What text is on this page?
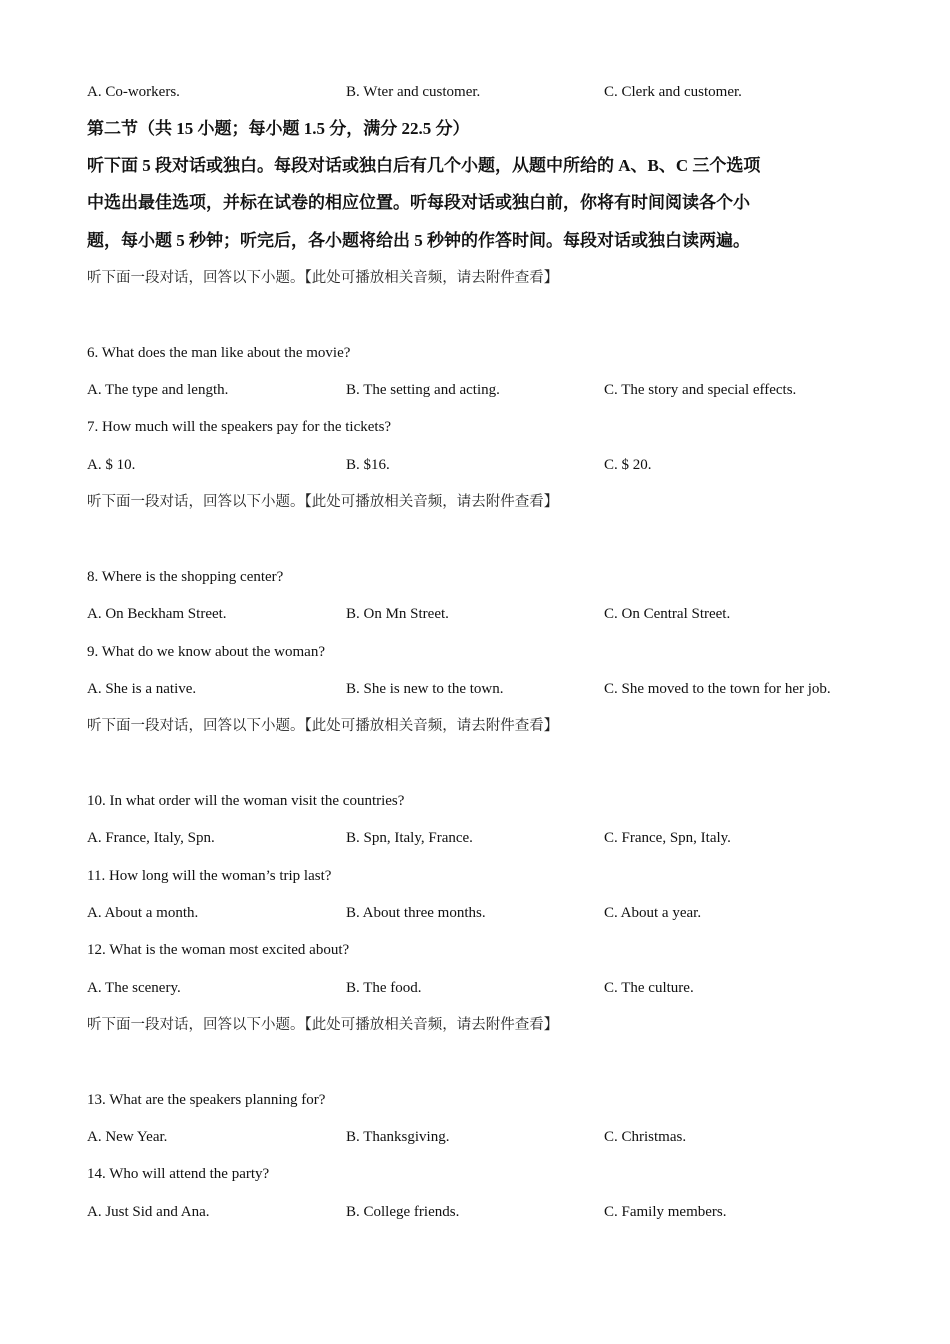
A. Co-workers.	B. Wter and customer.	C. Clerk and customer.
第二节（共 15 小题；每小题 1.5 分，满分 22.5 分）
听下面 5 段对话或独白。每段对话或独白后有几个小题，从题中所给的 A、B、C 三个选项
中选出最佳选项，并标在试卷的相应位置。听每段对话或独白前，你将有时间阅读各个小
题，每小题 5 秒钟；听完后，各小题将给出 5 秒钟的作答时间。每段对话或独白读两遍。
听下面一段对话，回答以下小题。【此处可播放相关音频，请去附件查看】
6. What does the man like about the movie?
A. The type and length.	B. The setting and acting.	C. The story and special effects.
7. How much will the speakers pay for the tickets?
A. $ 10.	B. $16.	C. $ 20.
听下面一段对话，回答以下小题。【此处可播放相关音频，请去附件查看】
8. Where is the shopping center?
A. On Beckham Street.	B. On Mn Street.	C. On Central Street.
9. What do we know about the woman?
A. She is a native.	B. She is new to the town.	C. She moved to the town for her job.
听下面一段对话，回答以下小题。【此处可播放相关音频，请去附件查看】
10. In what order will the woman visit the countries?
A. France, Italy, Spn.	B. Spn, Italy, France.	C. France, Spn, Italy.
11. How long will the woman’s trip last?
A. About a month.	B. About three months.	C. About a year.
12. What is the woman most excited about?
A. The scenery.	B. The food.	C. The culture.
听下面一段对话，回答以下小题。【此处可播放相关音频，请去附件查看】
13. What are the speakers planning for?
A. New Year.	B. Thanksgiving.	C. Christmas.
14. Who will attend the party?
A. Just Sid and Ana.	B. College friends.	C. Family members.
